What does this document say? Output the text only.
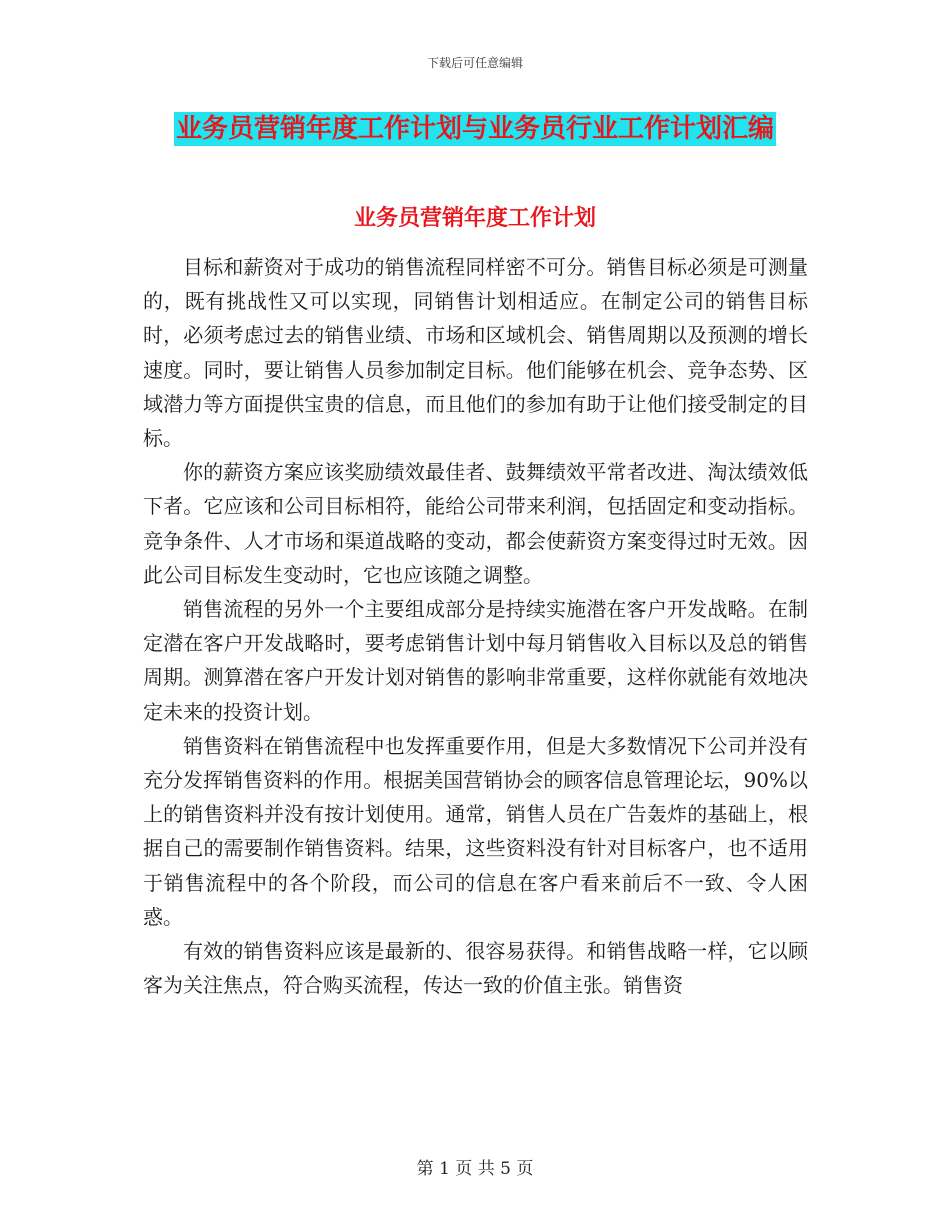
下载后可任意编辑
业务员营销年度工作计划与业务员行业工作计划汇编
业务员营销年度工作计划

目标和薪资对于成功的销售流程同样密不可分。销售目标必须是可测量的，既有挑战性又可以实现，同销售计划相适应。在制定公司的销售目标时，必须考虑过去的销售业绩、市场和区域机会、销售周期以及预测的增长速度。同时，要让销售人员参加制定目标。他们能够在机会、竞争态势、区域潜力等方面提供宝贵的信息，而且他们的参加有助于让他们接受制定的目标。

你的薪资方案应该奖励绩效最佳者、鼓舞绩效平常者改进、淘汰绩效低下者。它应该和公司目标相符，能给公司带来利润，包括固定和变动指标。竞争条件、人才市场和渠道战略的变动，都会使薪资方案变得过时无效。因此公司目标发生变动时，它也应该随之调整。

销售流程的另外一个主要组成部分是持续实施潜在客户开发战略。在制定潜在客户开发战略时，要考虑销售计划中每月销售收入目标以及总的销售周期。测算潜在客户开发计划对销售的影响非常重要，这样你就能有效地决定未来的投资计划。

销售资料在销售流程中也发挥重要作用，但是大多数情况下公司并没有充分发挥销售资料的作用。根据美国营销协会的顾客信息管理论坛，90%以上的销售资料并没有按计划使用。通常，销售人员在广告轰炸的基础上，根据自己的需要制作销售资料。结果，这些资料没有针对目标客户，也不适用于销售流程中的各个阶段，而公司的信息在客户看来前后不一致、令人困惑。

有效的销售资料应该是最新的、很容易获得。和销售战略一样，它以顾客为关注焦点，符合购买流程，传达一致的价值主张。销售资

第 1 页 共 5 页
